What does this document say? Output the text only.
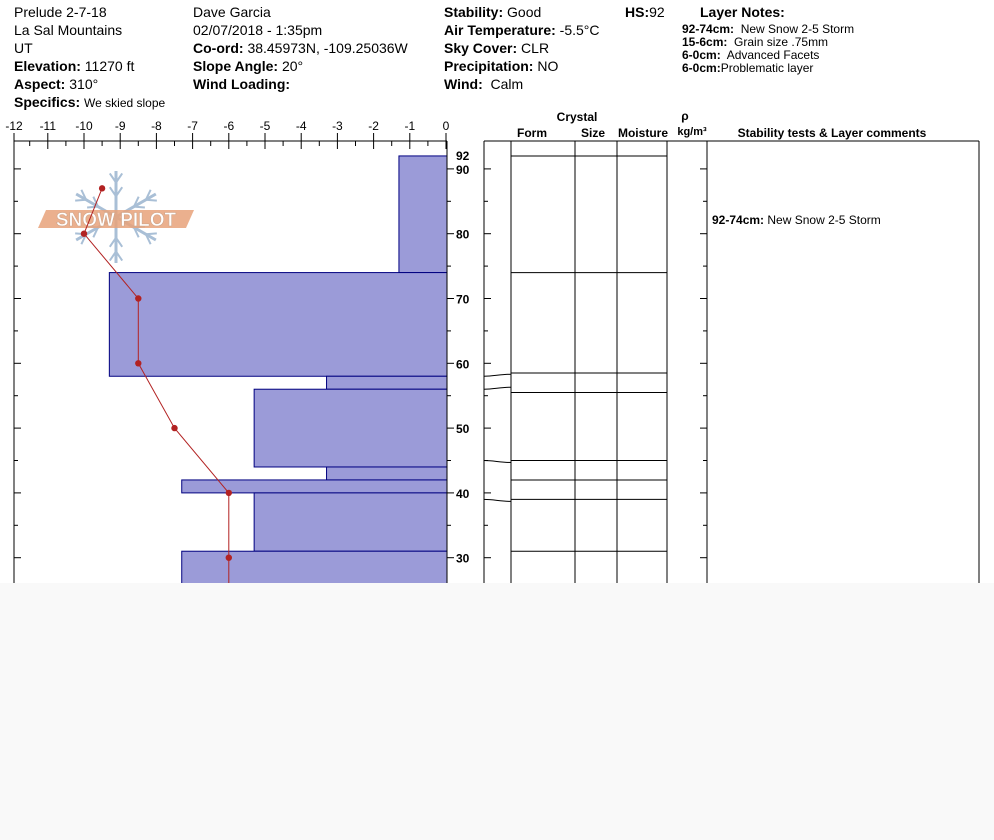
Prelude 2-7-18
La Sal Mountains
UT
Elevation: 11270 ft
Aspect: 310°
Specifics: We skied slope
Dave Garcia
02/07/2018 - 1:35pm
Co-ord: 38.45973N, -109.25036W
Slope Angle: 20°
Wind Loading:
Stability: Good
Air Temperature: -5.5°C
Sky Cover: CLR
Precipitation: NO
Wind: Calm
HS:92	Layer Notes:
92-74cm: New Snow 2-5 Storm
15-6cm: Grain size .75mm
6-0cm: Advanced Facets
6-0cm:Problematic layer
-12 -11 -10 -9 -8 -7 -6 -5 -4 -3 -2 -1 0
30
40
50
60
70
80
90
92
SNOW PILOT
Crystal
Form	Size Moisture
ρ
kg/m³	Stability tests & Layer comments
92-74cm: New Snow 2-5 Storm
